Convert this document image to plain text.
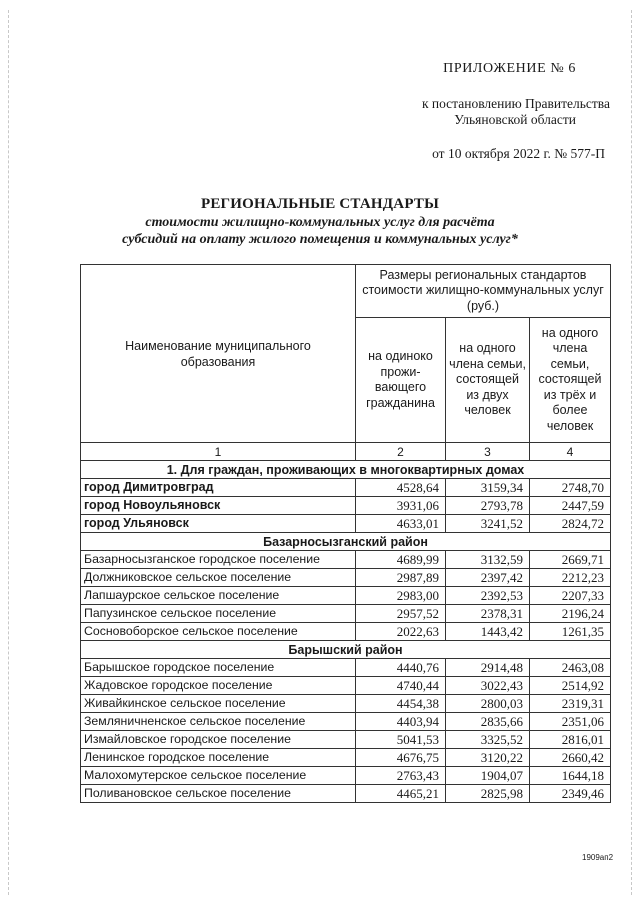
ПРИЛОЖЕНИЕ № 6
к постановлению Правительства
Ульяновской области
от 10 октября 2022 г. № 577-П
РЕГИОНАЛЬНЫЕ СТАНДАРТЫ
стоимости жилищно-коммунальных услуг для расчёта
субсидий на оплату жилого помещения и коммунальных услуг*
Наименование муниципального образования	Размеры региональных стандартов стоимости жилищно-коммунальных услуг (руб.)		
	на одиноко прожи-вающего гражданина	на одного члена семьи, состоящей из двух человек	на одного члена семьи, состоящей из трёх и более человек
1	2	3	4
1. Для граждан, проживающих в многоквартирных домах			
город Димитровград	4528,64	3159,34	2748,70
город Новоульяновск	3931,06	2793,78	2447,59
город Ульяновск	4633,01	3241,52	2824,72
Базарносызганский район			
Базарносызганское городское поселение	4689,99	3132,59	2669,71
Должниковское сельское поселение	2987,89	2397,42	2212,23
Лапшаурское сельское поселение	2983,00	2392,53	2207,33
Папузинское сельское поселение	2957,52	2378,31	2196,24
Сосновоборское сельское поселение	2022,63	1443,42	1261,35
Барышский район			
Барышское городское поселение	4440,76	2914,48	2463,08
Жадовское городское поселение	4740,44	3022,43	2514,92
Живайкинское сельское поселение	4454,38	2800,03	2319,31
Земляничненское сельское поселение	4403,94	2835,66	2351,06
Измайловское городское поселение	5041,53	3325,52	2816,01
Ленинское городское поселение	4676,75	3120,22	2660,42
Малохомутерское сельское поселение	2763,43	1904,07	1644,18
Поливановское сельское поселение	4465,21	2825,98	2349,46
1909ап2
